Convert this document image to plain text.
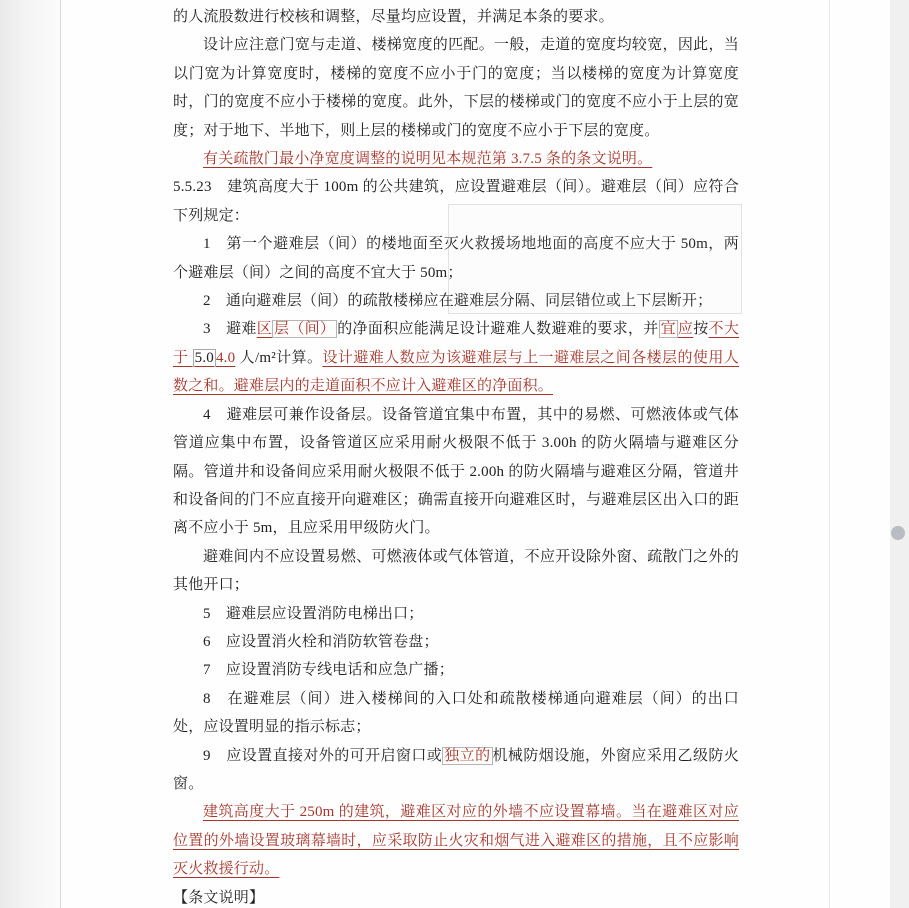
的人流股数进行校核和调整，尽量均应设置，并满足本条的要求。

设计应注意门宽与走道、楼梯宽度的匹配。一般，走道的宽度均较宽，因此，当以门宽为计算宽度时，楼梯的宽度不应小于门的宽度；当以楼梯的宽度为计算宽度时，门的宽度不应小于楼梯的宽度。此外，下层的楼梯或门的宽度不应小于上层的宽度；对于地下、半地下，则上层的楼梯或门的宽度不应小于下层的宽度。

有关疏散门最小净宽度调整的说明见本规范第 3.7.5 条的条文说明。

5.5.23　建筑高度大于 100m 的公共建筑，应设置避难层（间）。避难层（间）应符合下列规定：

1　第一个避难层（间）的楼地面至灭火救援场地地面的高度不应大于 50m，两个避难层（间）之间的高度不宜大于 50m；

2　通向避难层（间）的疏散楼梯应在避难层分隔、同层错位或上下层断开；

3　避难区 层（间） 的净面积应能满足设计避难人数避难的要求，并 宜 应按不大于 5.0 4.0 人/m²计算。设计避难人数应为该避难层与上一避难层之间各楼层的使用人数之和。避难层内的走道面积不应计入避难区的净面积。

4　避难层可兼作设备层。设备管道宜集中布置，其中的易燃、可燃液体或气体管道应集中布置，设备管道区应采用耐火极限不低于 3.00h 的防火隔墙与避难区分隔。管道井和设备间应采用耐火极限不低于 2.00h 的防火隔墙与避难区分隔，管道井和设备间的门不应直接开向避难区；确需直接开向避难区时，与避难层区出入口的距离不应小于 5m，且应采用甲级防火门。

避难间内不应设置易燃、可燃液体或气体管道，不应开设除外窗、疏散门之外的其他开口；

5　避难层应设置消防电梯出口；

6　应设置消火栓和消防软管卷盘；

7　应设置消防专线电话和应急广播；

8　在避难层（间）进入楼梯间的入口处和疏散楼梯通向避难层（间）的出口处，应设置明显的指示标志；

9　应设置直接对外的可开启窗口或 独立的 机械防烟设施，外窗应采用乙级防火窗。

建筑高度大于 250m 的建筑，避难区对应的外墙不应设置幕墙。当在避难区对应位置的外墙设置玻璃幕墙时，应采取防止火灾和烟气进入避难区的措施，且不应影响灭火救援行动。

【条文说明】
